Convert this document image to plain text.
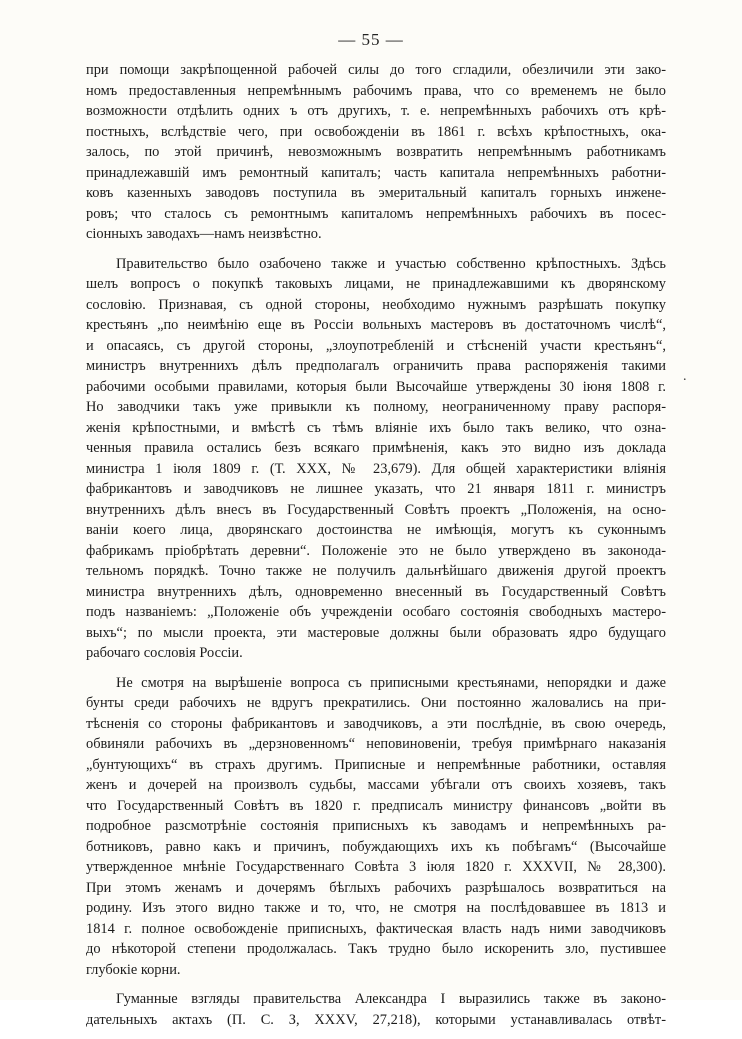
— 55 —
.
при помощи закрѣпощенной рабочей силы до того сгладили, обезличили эти зако-
номъ предоставленныя непремѣннымъ рабочимъ права, что со временемъ не было
возможности отдѣлить одних ъ отъ другихъ, т. е. непремѣнныхъ рабочихъ отъ крѣ-
постныхъ, вслѣдствіе чего, при освобожденіи въ 1861 г. всѣхъ крѣпостныхъ, ока-
залось, по этой причинѣ, невозможнымъ возвратить непремѣннымъ работникамъ
принадлежавшій имъ ремонтный капиталъ; часть капитала непремѣнныхъ работни-
ковъ казенныхъ заводовъ поступила въ эмеритальный капиталъ горныхъ инжене-
ровъ; что сталось съ ремонтнымъ капиталомъ непремѣнныхъ рабочихъ въ посес-
сіонныхъ заводахъ—намъ неизвѣстно.
Правительство было озабочено также и участью собственно крѣпостныхъ. Здѣсь
шелъ вопросъ о покупкѣ таковыхъ лицами, не принадлежавшими къ дворянскому
сословію. Признавая, съ одной стороны, необходимо нужнымъ разрѣшать покупку
крестьянъ „по неимѣнію еще въ Россіи вольныхъ мастеровъ въ достаточномъ числѣ“,
и опасаясь, съ другой стороны, „злоупотребленій и стѣсненій участи крестьянъ“,
министръ внутреннихъ дѣлъ предполагалъ ограничить права распоряженія такими
рабочими особыми правилами, которыя были Высочайше утверждены 30 іюня 1808 г.
Но заводчики такъ уже привыкли къ полному, неограниченному праву распоря-
женія крѣпостными, и вмѣстѣ съ тѣмъ вліяніе ихъ было такъ велико, что озна-
ченныя правила остались безъ всякаго примѣненія, какъ это видно изъ доклада
министра 1 іюля 1809 г. (Т. XXX, № 23,679). Для общей характеристики вліянія
фабрикантовъ и заводчиковъ не лишнее указать, что 21 января 1811 г. министръ
внутреннихъ дѣлъ внесъ въ Государственный Совѣтъ проектъ „Положенія, на осно-
ваніи коего лица, дворянскаго достоинства не имѣющія, могутъ къ суконнымъ
фабрикамъ пріобрѣтать деревни“. Положеніе это не было утверждено въ законода-
тельномъ порядкѣ. Точно также не получилъ дальнѣйшаго движенія другой проектъ
министра внутреннихъ дѣлъ, одновременно внесенный въ Государственный Совѣтъ
подъ названіемъ: „Положеніе объ учрежденіи особаго состоянія свободныхъ мастеро-
выхъ“; по мысли проекта, эти мастеровые должны были образовать ядро будущаго
рабочаго сословія Россіи.
Не смотря на вырѣшеніе вопроса съ приписными крестьянами, непорядки и даже
бунты среди рабочихъ не вдругъ прекратились. Они постоянно жаловались на при-
тѣсненія со стороны фабрикантовъ и заводчиковъ, а эти послѣдніе, въ свою очередь,
обвиняли рабочихъ въ „дерзновенномъ“ неповиновеніи, требуя примѣрнаго наказанія
„бунтующихъ“ въ страхъ другимъ. Приписные и непремѣнные работники, оставляя
женъ и дочерей на произволъ судьбы, массами убѣгали отъ своихъ хозяевъ, такъ
что Государственный Совѣтъ въ 1820 г. предписалъ министру финансовъ „войти въ
подробное разсмотрѣніе состоянія приписныхъ къ заводамъ и непремѣнныхъ ра-
ботниковъ, равно какъ и причинъ, побуждающихъ ихъ къ побѣгамъ“ (Высочайше
утвержденное мнѣніе Государственнаго Совѣта 3 іюля 1820 г. XXXVII, № 28,300).
При этомъ женамъ и дочерямъ бѣглыхъ рабочихъ разрѣшалось возвратиться на
родину. Изъ этого видно также и то, что, не смотря на послѣдовавшее въ 1813 и
1814 г. полное освобожденіе приписныхъ, фактическая власть надъ ними заводчиковъ
до нѣкоторой степени продолжалась. Такъ трудно было искоренить зло, пустившее
глубокіе корни.
Гуманные взгляды правительства Александра I выразились также въ законо-
дательныхъ актахъ (П. С. З, XXXV, 27,218), которыми устанавливалась отвѣт-
